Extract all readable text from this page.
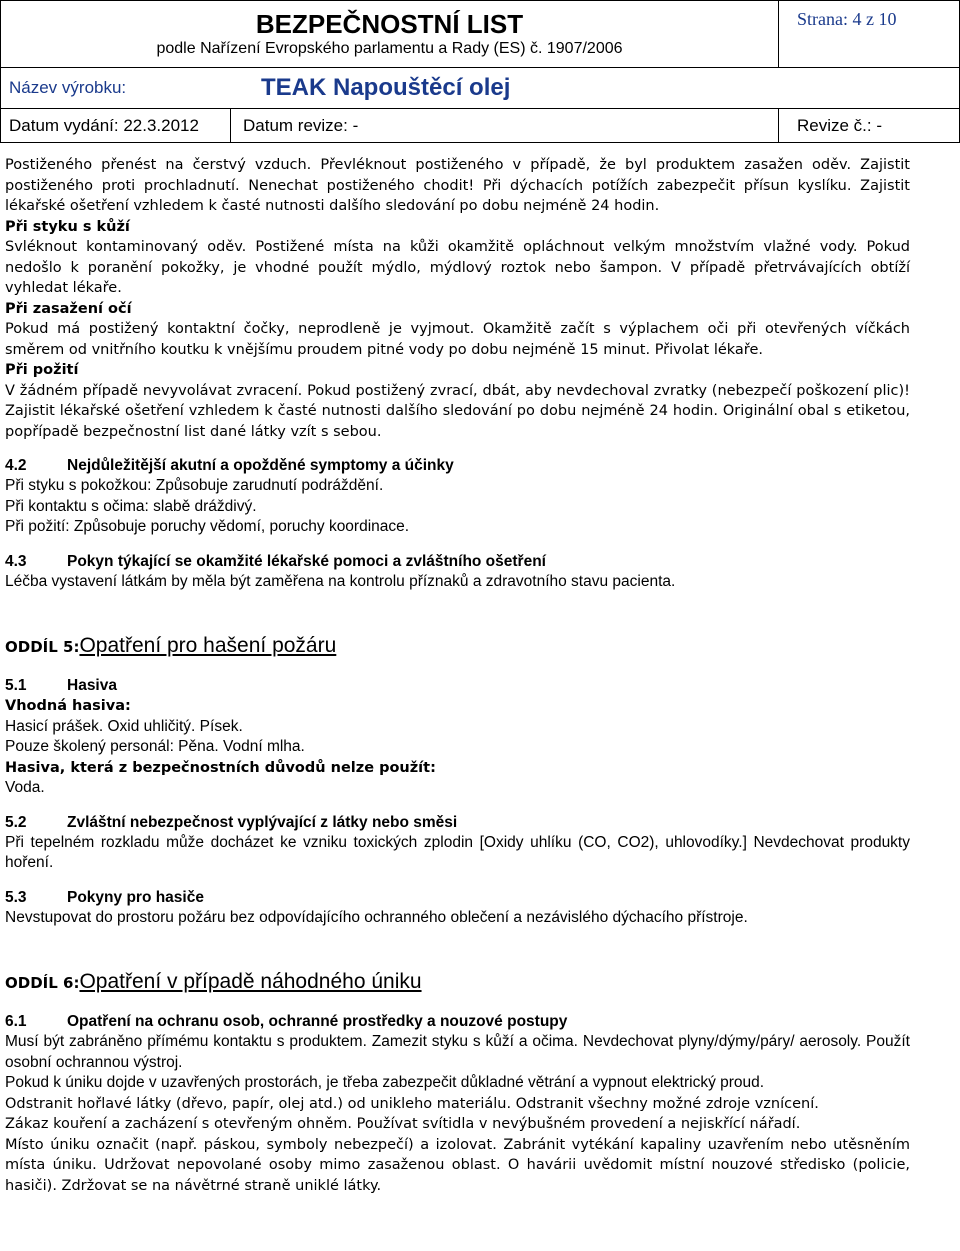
BEZPEČNOSTNÍ LIST
podle Nařízení Evropského parlamentu a Rady (ES) č. 1907/2006
Strana: 4 z 10
Název výrobku:	TEAK Napouštěcí olej
Datum vydání: 22.3.2012	Datum revize: -	Revize č.: -

Postiženého přenést na čerstvý vzduch. Převléknout postiženého v případě, že byl produktem zasažen oděv. Zajistit postiženého proti prochladnutí. Nenechat postiženého chodit! Při dýchacích potížích zabezpečit přísun kyslíku. Zajistit lékařské ošetření vzhledem k časté nutnosti dalšího sledování po dobu nejméně 24 hodin.

Při styku s kůží

Svléknout kontaminovaný oděv. Postižené místa na kůži okamžitě opláchnout velkým množstvím vlažné vody. Pokud nedošlo k poranění pokožky, je vhodné použít mýdlo, mýdlový roztok nebo šampon. V případě přetrvávajících obtíží vyhledat lékaře.

Při zasažení očí

Pokud má postižený kontaktní čočky, neprodleně je vyjmout. Okamžitě začít s výplachem oči při otevřených víčkách směrem od vnitřního koutku k vnějšímu proudem pitné vody po dobu nejméně 15 minut. Přivolat lékaře.

Při požití

V žádném případě nevyvolávat zvracení. Pokud postižený zvrací, dbát, aby nevdechoval zvratky (nebezpečí poškození plic)! Zajistit lékařské ošetření vzhledem k časté nutnosti dalšího sledování po dobu nejméně 24 hodin. Originální obal s etiketou, popřípadě bezpečnostní list dané látky vzít s sebou.

4.2	Nejdůležitější akutní a opožděné symptomy a účinky

Při styku s pokožkou: Způsobuje zarudnutí podráždění.

Při kontaktu s očima: slabě dráždivý.

Při požití: Způsobuje poruchy vědomí, poruchy koordinace.

4.3	Pokyn týkající se okamžité lékařské pomoci a zvláštního ošetření

Léčba vystavení látkám by měla být zaměřena na kontrolu příznaků a zdravotního stavu pacienta.

ODDÍL 5: Opatření pro hašení požáru

5.1	Hasiva

Vhodná hasiva:

Hasicí prášek. Oxid uhličitý. Písek.

Pouze školený personál: Pěna. Vodní mlha.

Hasiva, která z bezpečnostních důvodů nelze použít:

Voda.

5.2	Zvláštní nebezpečnost vyplývající z látky nebo směsi

Při tepelném rozkladu může docházet ke vzniku toxických zplodin [Oxidy uhlíku (CO, CO2), uhlovodíky.] Nevdechovat produkty hoření.

5.3	Pokyny pro hasiče

Nevstupovat do prostoru požáru bez odpovídajícího ochranného oblečení a nezávislého dýchacího přístroje.

ODDÍL 6: Opatření v případě náhodného úniku

6.1	Opatření na ochranu osob, ochranné prostředky a nouzové postupy

Musí být zabráněno přímému kontaktu s produktem. Zamezit styku s kůží a očima. Nevdechovat plyny/dýmy/páry/ aerosoly. Použít osobní ochrannou výstroj.

Pokud k úniku dojde v uzavřených prostorách, je třeba zabezpečit důkladné větrání a vypnout elektrický proud.

Odstranit hořlavé látky (dřevo, papír, olej atd.) od unikleho materiálu. Odstranit všechny možné zdroje vznícení.

Zákaz kouření a zacházení s otevřeným ohněm. Používat svítidla v nevýbušném provedení a nejiskřící nářadí.

Místo úniku označit (např. páskou, symboly nebezpečí) a izolovat. Zabránit vytékání kapaliny uzavřením nebo utěsněním místa úniku. Udržovat nepovolané osoby mimo zasaženou oblast. O havárii uvědomit místní nouzové středisko (policie, hasiči). Zdržovat se na návětrné straně uniklé látky.
